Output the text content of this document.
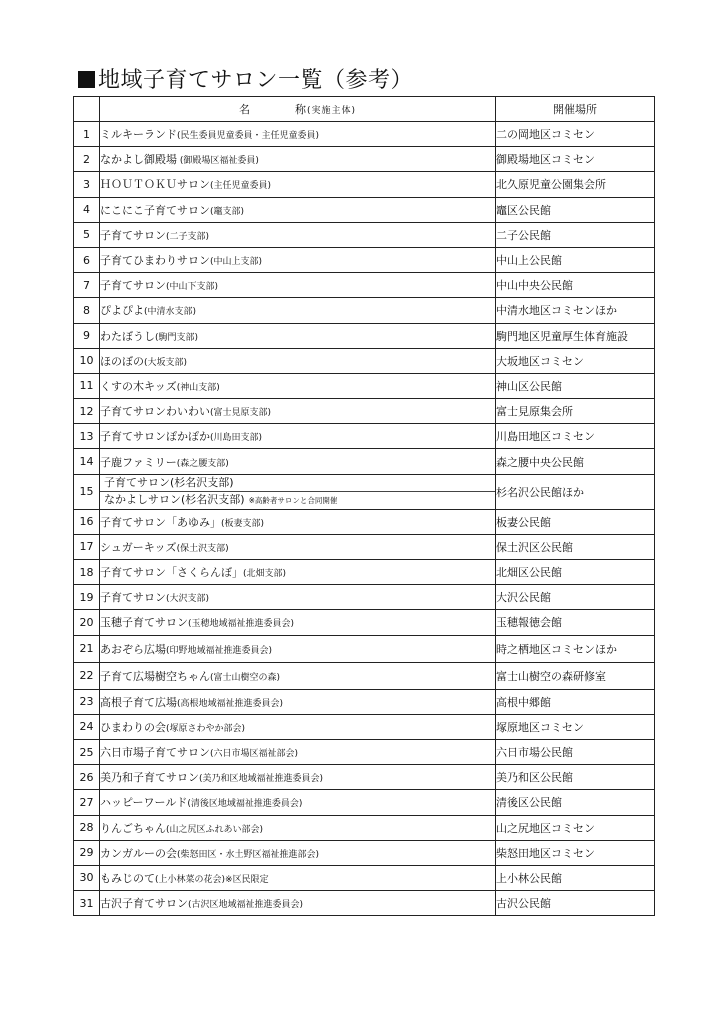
地域子育てサロン一覧（参考）
	名 称(実施主体)	開催場所
1	ミルキーランド(民生委員児童委員・主任児童委員)	二の岡地区コミセン
2	なかよし御殿場 (御殿場区福祉委員)	御殿場地区コミセン
3	ＨＯＵＴＯＫＵサロン(主任児童委員)	北久原児童公園集会所
4	にこにこ子育てサロン(竈支部)	竈区公民館
5	子育てサロン(二子支部)	二子公民館
6	子育てひまわりサロン(中山上支部)	中山上公民館
7	子育てサロン(中山下支部)	中山中央公民館
8	ぴよぴよ(中清水支部)	中清水地区コミセンほか
9	わたぼうし(駒門支部)	駒門地区児童厚生体育施設
10	ほのぼの(大坂支部)	大坂地区コミセン
11	くすの木キッズ(神山支部)	神山区公民館
12	子育てサロンわいわい(富士見原支部)	富士見原集会所
13	子育てサロンぽかぽか(川島田支部)	川島田地区コミセン
14	子鹿ファミリー(森之腰支部)	森之腰中央公民館
15	子育てサロン(杉名沢支部)
なかよしサロン(杉名沢支部) ※高齢者サロンと合同開催	杉名沢公民館ほか
16	子育てサロン「あゆみ」(板妻支部)	板妻公民館
17	シュガーキッズ(保土沢支部)	保土沢区公民館
18	子育てサロン「さくらんぼ」(北畑支部)	北畑区公民館
19	子育てサロン(大沢支部)	大沢公民館
20	玉穂子育てサロン(玉穂地域福祉推進委員会)	玉穂報徳会館
21	あおぞら広場(印野地域福祉推進委員会)	時之栖地区コミセンほか
22	子育て広場樹空ちゃん(富士山樹空の森)	富士山樹空の森研修室
23	高根子育て広場(高根地域福祉推進委員会)	高根中郷館
24	ひまわりの会(塚原さわやか部会)	塚原地区コミセン
25	六日市場子育てサロン(六日市場区福祉部会)	六日市場公民館
26	美乃和子育てサロン(美乃和区地域福祉推進委員会)	美乃和区公民館
27	ハッピーワールド(清後区地域福祉推進委員会)	清後区公民館
28	りんごちゃん(山之尻区ふれあい部会)	山之尻地区コミセン
29	カンガルーの会(柴怒田区・水土野区福祉推進部会)	柴怒田地区コミセン
30	もみじのて(上小林菜の花会)※区民限定	上小林公民館
31	古沢子育てサロン(古沢区地域福祉推進委員会)	古沢公民館
